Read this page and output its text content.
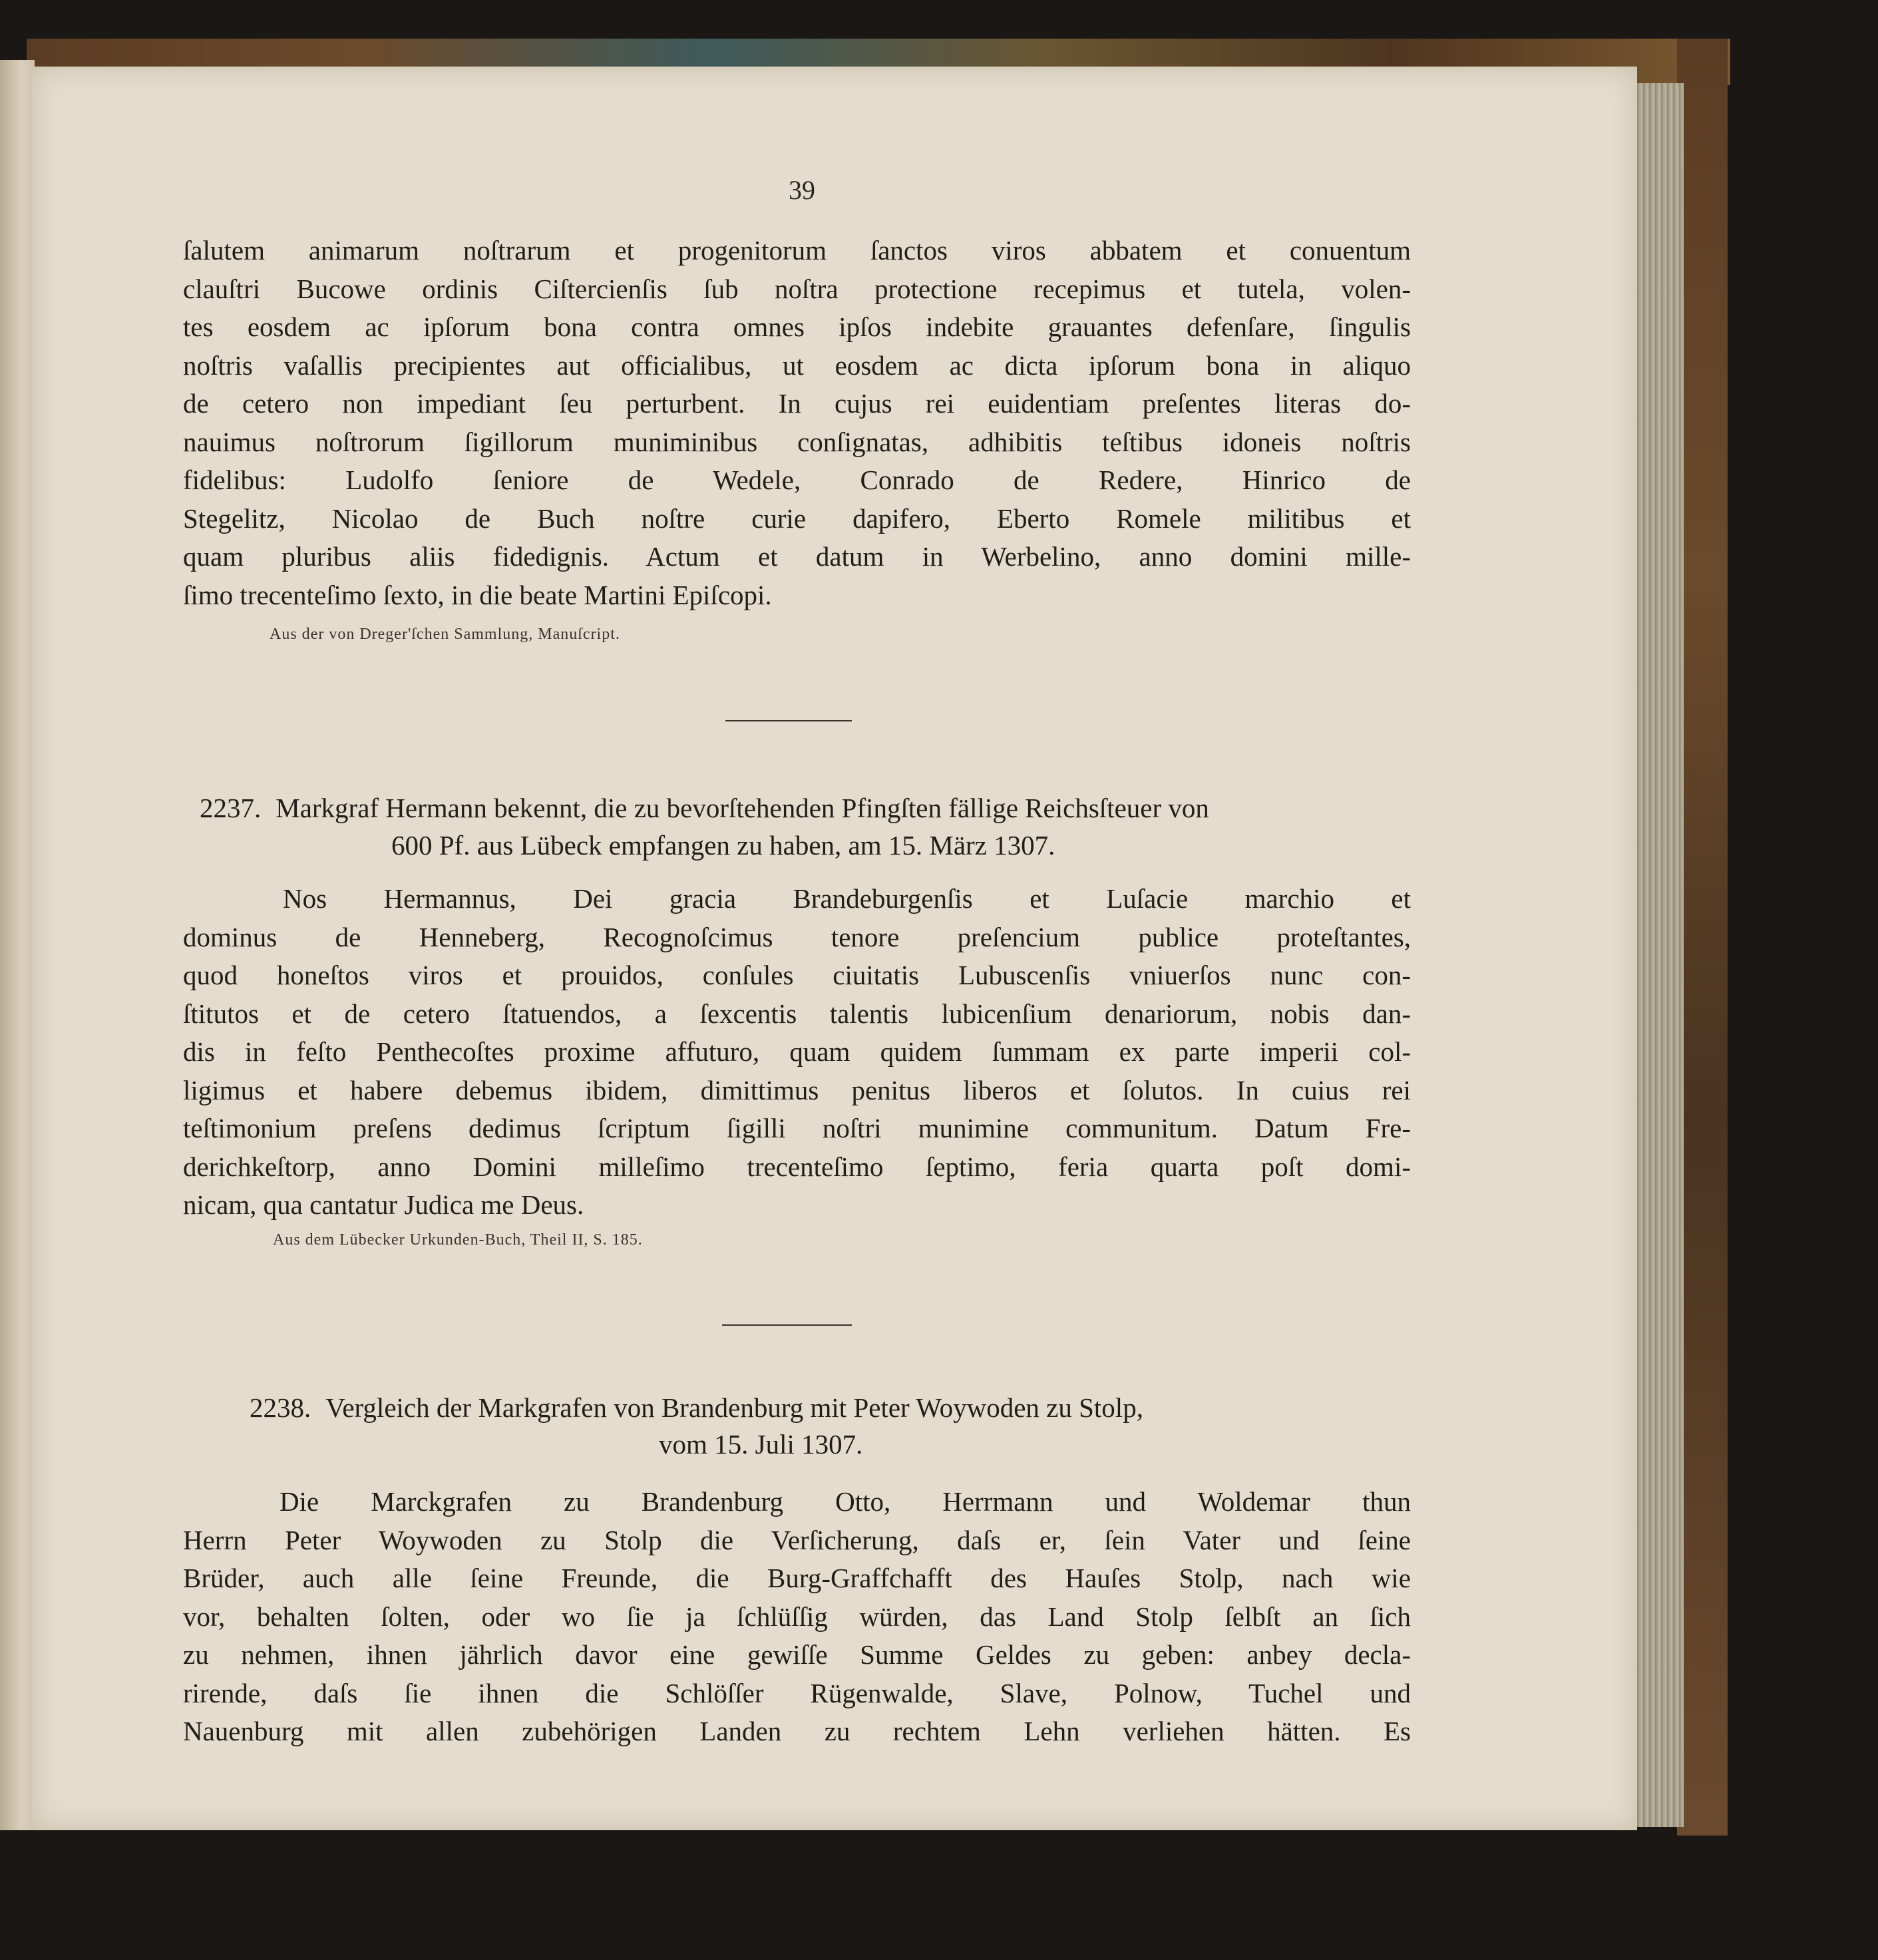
39
ſalutem animarum noſtrarum et progenitorum ſanctos viros abbatem et conuentum
clauſtri Bucowe ordinis Ciſtercienſis ſub noſtra protectione recepimus et tutela, volen-
tes eosdem ac ipſorum bona contra omnes ipſos indebite grauantes defenſare, ſingulis
noſtris vaſallis precipientes aut officialibus, ut eosdem ac dicta ipſorum bona in aliquo
de cetero non impediant ſeu perturbent. In cujus rei euidentiam preſentes literas do-
nauimus noſtrorum ſigillorum muniminibus conſignatas, adhibitis teſtibus idoneis noſtris
fidelibus: Ludolfo ſeniore de Wedele, Conrado de Redere, Hinrico de
Stegelitz, Nicolao de Buch noſtre curie dapifero, Eberto Romele militibus et
quam pluribus aliis fidedignis. Actum et datum in Werbelino, anno domini mille-
ſimo trecenteſimo ſexto, in die beate Martini Epiſcopi.
Aus der von Dreger'ſchen Sammlung, Manuſcript.
2237. Markgraf Hermann bekennt, die zu bevorſtehenden Pfingſten fällige Reichsſteuer von
600 Pf. aus Lübeck empfangen zu haben, am 15. März 1307.
Nos Hermannus, Dei gracia Brandeburgenſis et Luſacie marchio et
dominus de Henneberg, Recognoſcimus tenore preſencium publice proteſtantes,
quod honeſtos viros et prouidos, conſules ciuitatis Lubuscenſis vniuerſos nunc con-
ſtitutos et de cetero ſtatuendos, a ſexcentis talentis lubicenſium denariorum, nobis dan-
dis in feſto Penthecoſtes proxime affuturo, quam quidem ſummam ex parte imperii col-
ligimus et habere debemus ibidem, dimittimus penitus liberos et ſolutos. In cuius rei
teſtimonium preſens dedimus ſcriptum ſigilli noſtri munimine communitum. Datum Fre-
derichkeſtorp, anno Domini milleſimo trecenteſimo ſeptimo, feria quarta poſt domi-
nicam, qua cantatur Judica me Deus.
Aus dem Lübecker Urkunden-Buch, Theil II, S. 185.
2238. Vergleich der Markgrafen von Brandenburg mit Peter Woywoden zu Stolp,
vom 15. Juli 1307.
Die Marckgrafen zu Brandenburg Otto, Herrmann und Woldemar thun
Herrn Peter Woywoden zu Stolp die Verſicherung, daſs er, ſein Vater und ſeine
Brüder, auch alle ſeine Freunde, die Burg-Graffchafft des Hauſes Stolp, nach wie
vor, behalten ſolten, oder wo ſie ja ſchlüſſig würden, das Land Stolp ſelbſt an ſich
zu nehmen, ihnen jährlich davor eine gewiſſe Summe Geldes zu geben: anbey decla-
rirende, daſs ſie ihnen die Schlöſſer Rügenwalde, Slave, Polnow, Tuchel und
Nauenburg mit allen zubehörigen Landen zu rechtem Lehn verliehen hätten. Es
